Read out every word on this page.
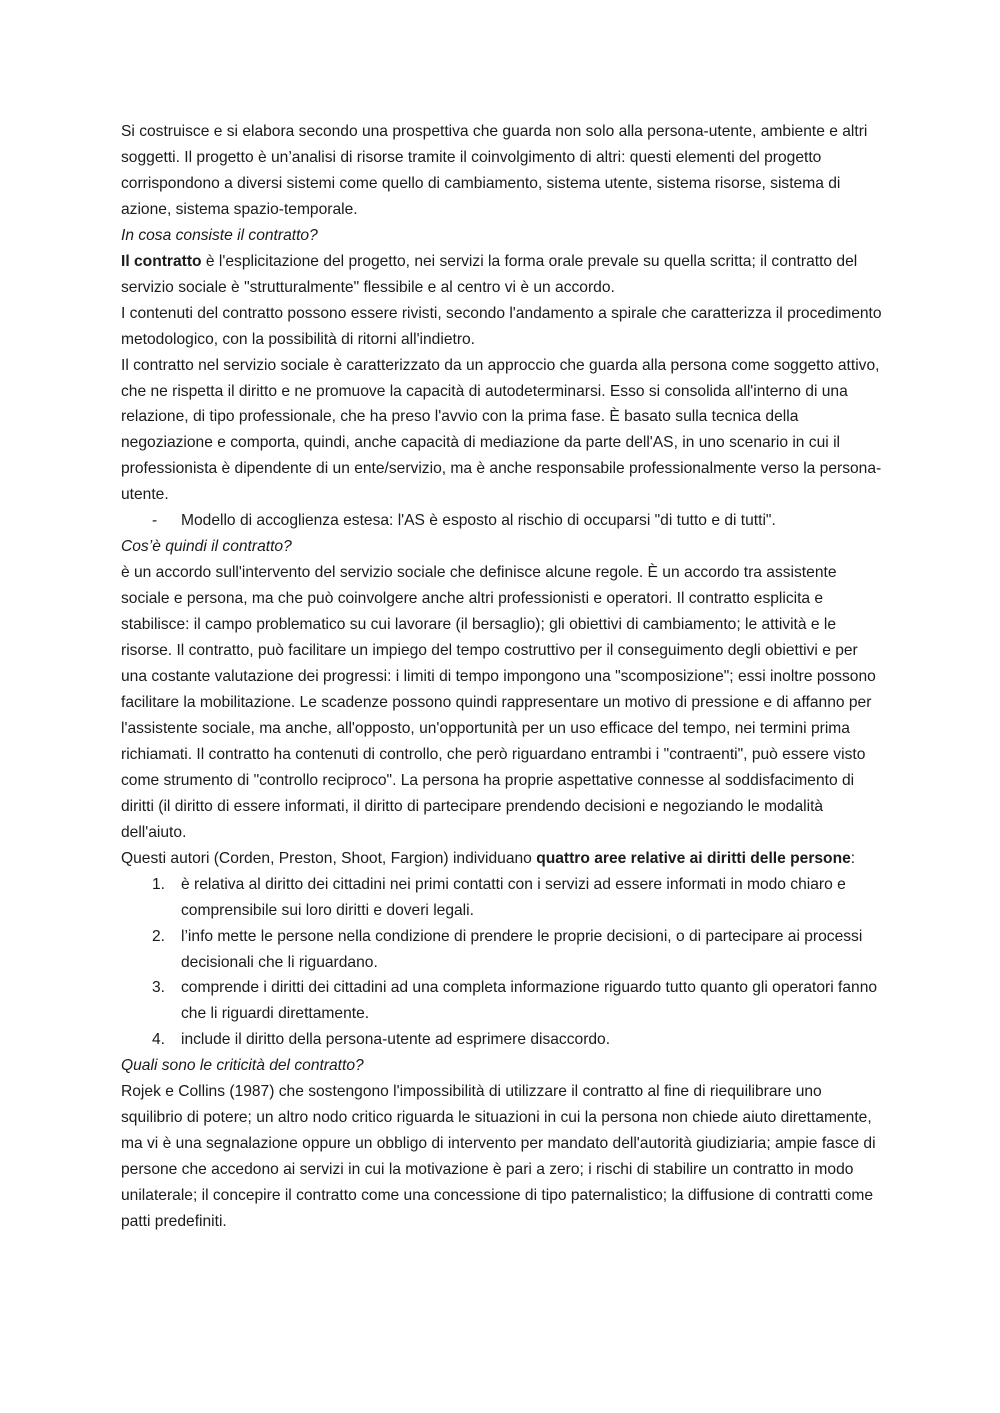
Si costruisce e si elabora secondo una prospettiva che guarda non solo alla persona-utente, ambiente e altri soggetti. Il progetto è un’analisi di risorse tramite il coinvolgimento di altri: questi elementi del progetto corrispondono a diversi sistemi come quello di cambiamento, sistema utente, sistema risorse, sistema di azione, sistema spazio-temporale.

In cosa consiste il contratto?

Il contratto è l'esplicitazione del progetto, nei servizi la forma orale prevale su quella scritta; il contratto del servizio sociale è "strutturalmente" flessibile e al centro vi è un accordo.

I contenuti del contratto possono essere rivisti, secondo l'andamento a spirale che caratterizza il procedimento metodologico, con la possibilità di ritorni all'indietro.

Il contratto nel servizio sociale è caratterizzato da un approccio che guarda alla persona come soggetto attivo, che ne rispetta il diritto e ne promuove la capacità di autodeterminarsi. Esso si consolida all'interno di una relazione, di tipo professionale, che ha preso l'avvio con la prima fase. È basato sulla tecnica della negoziazione e comporta, quindi, anche capacità di mediazione da parte dell'AS, in uno scenario in cui il professionista è dipendente di un ente/servizio, ma è anche responsabile professionalmente verso la persona-utente.

- Modello di accoglienza estesa: l'AS è esposto al rischio di occuparsi "di tutto e di tutti".

Cos’è quindi il contratto?

è un accordo sull'intervento del servizio sociale che definisce alcune regole. È un accordo tra assistente sociale e persona, ma che può coinvolgere anche altri professionisti e operatori. Il contratto esplicita e stabilisce: il campo problematico su cui lavorare (il bersaglio); gli obiettivi di cambiamento; le attività e le risorse. Il contratto, può facilitare un impiego del tempo costruttivo per il conseguimento degli obiettivi e per una costante valutazione dei progressi: i limiti di tempo impongono una "scomposizione"; essi inoltre possono facilitare la mobilitazione. Le scadenze possono quindi rappresentare un motivo di pressione e di affanno per l'assistente sociale, ma anche, all'opposto, un'opportunità per un uso efficace del tempo, nei termini prima richiamati. Il contratto ha contenuti di controllo, che però riguardano entrambi i "contraenti", può essere visto come strumento di "controllo reciproco". La persona ha proprie aspettative connesse al soddisfacimento di diritti (il diritto di essere informati, il diritto di partecipare prendendo decisioni e negoziando le modalità dell'aiuto.

Questi autori (Corden, Preston, Shoot, Fargion) individuano quattro aree relative ai diritti delle persone:

1. è relativa al diritto dei cittadini nei primi contatti con i servizi ad essere informati in modo chiaro e comprensibile sui loro diritti e doveri legali.
2. l’info mette le persone nella condizione di prendere le proprie decisioni, o di partecipare ai processi decisionali che li riguardano.
3. comprende i diritti dei cittadini ad una completa informazione riguardo tutto quanto gli operatori fanno che li riguardi direttamente.
4. include il diritto della persona-utente ad esprimere disaccordo.

Quali sono le criticità del contratto?

Rojek e Collins (1987) che sostengono l'impossibilità di utilizzare il contratto al fine di riequilibrare uno squilibrio di potere; un altro nodo critico riguarda le situazioni in cui la persona non chiede aiuto direttamente, ma vi è una segnalazione oppure un obbligo di intervento per mandato dell'autorità giudiziaria; ampie fasce di persone che accedono ai servizi in cui la motivazione è pari a zero; i rischi di stabilire un contratto in modo unilaterale; il concepire il contratto come una concessione di tipo paternalistico; la diffusione di contratti come patti predefiniti.
